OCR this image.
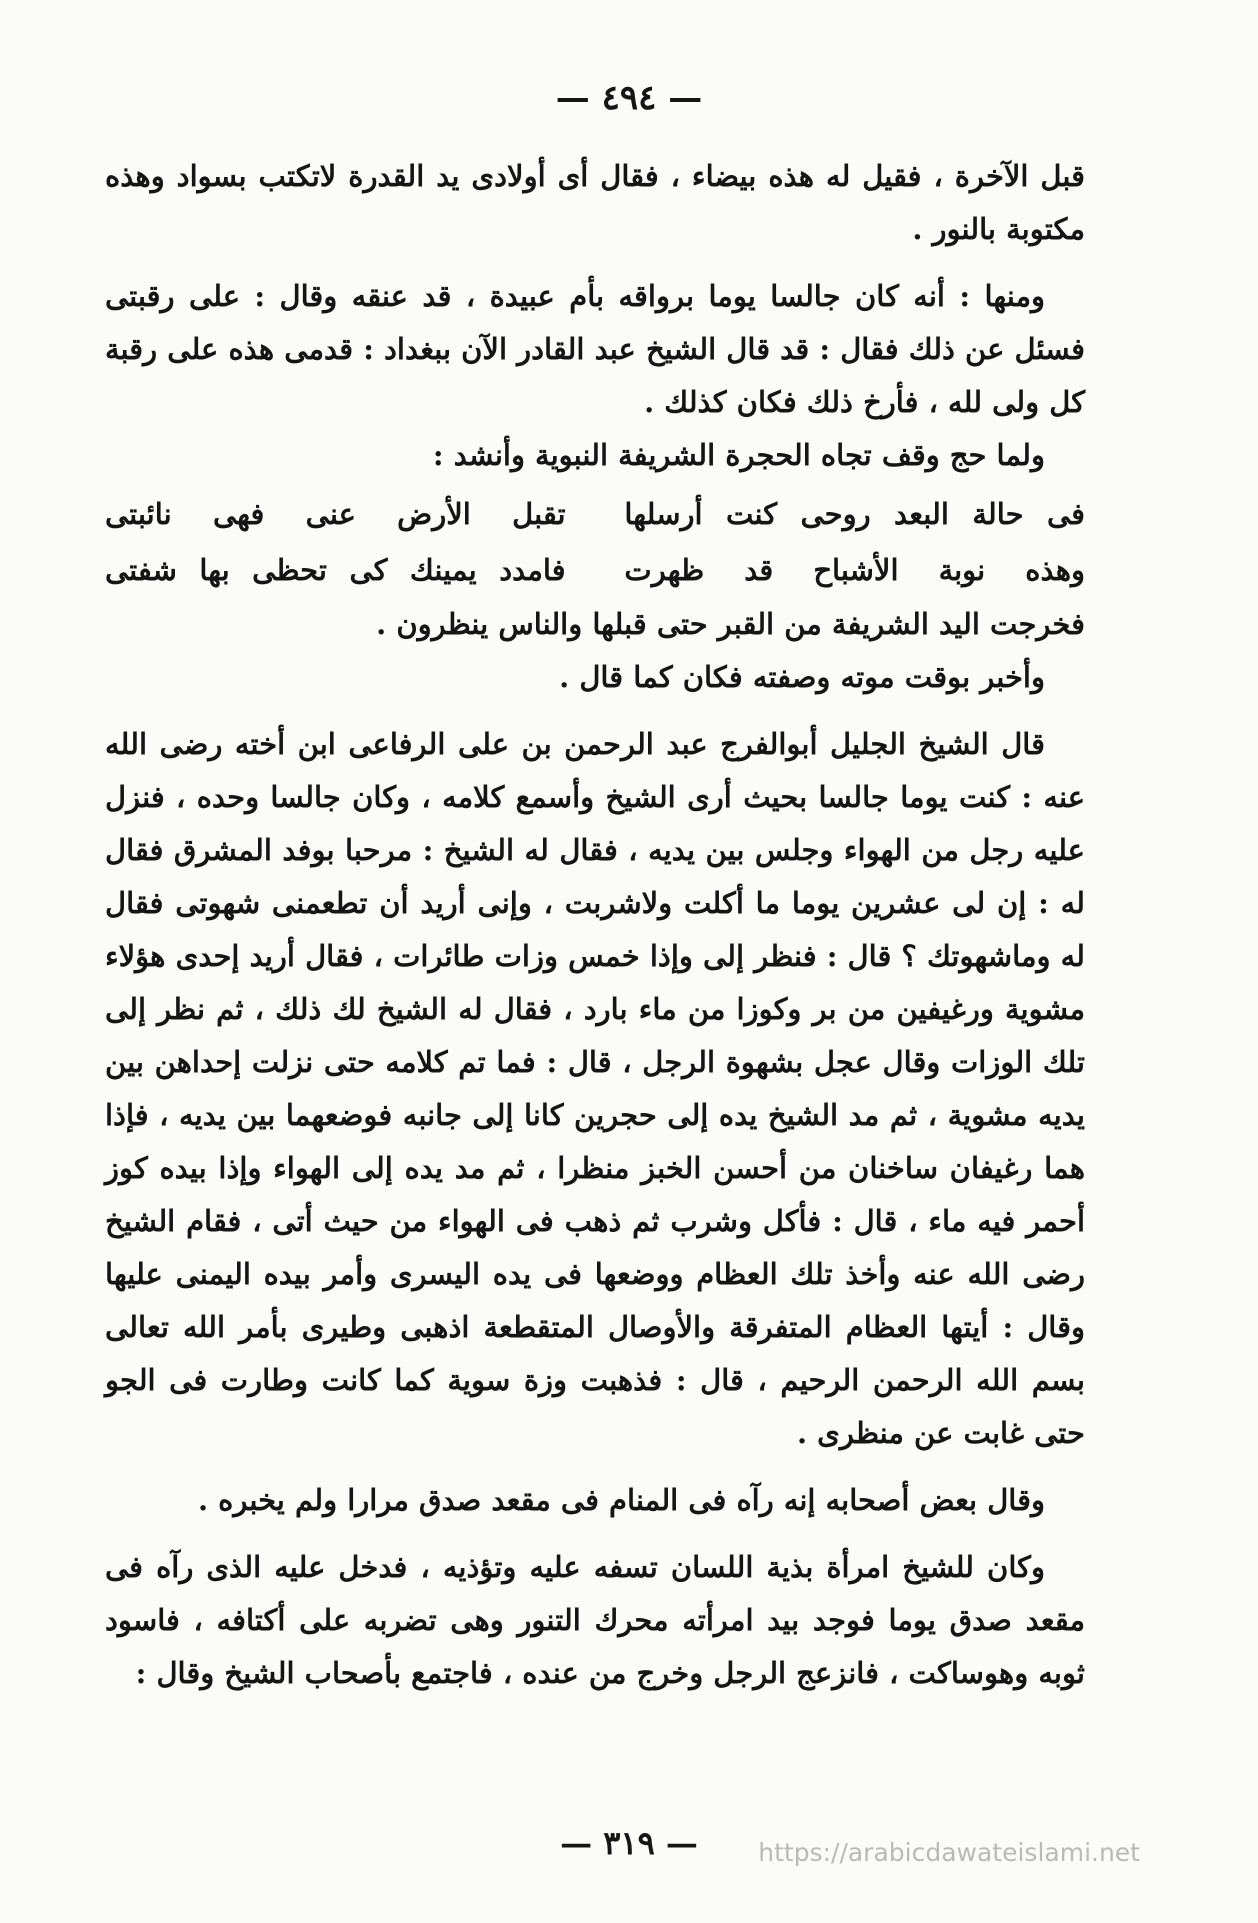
— ٤٩٤ —

قبل الآخرة ، فقيل له هذه بيضاء ، فقال أى أولادى يد القدرة لاتكتب بسواد وهذه مكتوبة بالنور .

ومنها : أنه كان جالسا يوما برواقه بأم عبيدة ، قد عنقه وقال : على رقبتى فسئل عن ذلك فقال : قد قال الشيخ عبد القادر الآن ببغداد : قدمى هذه على رقبة كل ولى لله ، فأرخ ذلك فكان كذلك .

ولما حج وقف تجاه الحجرة الشريفة النبوية وأنشد :

فى حالة البعد روحى كنت أرسلها
تقبل الأرض عنى فهى نائبتى
وهذه نوبة الأشباح قد ظهرت
فامدد يمينك كى تحظى بها شفتى

فخرجت اليد الشريفة من القبر حتى قبلها والناس ينظرون .

وأخبر بوقت موته وصفته فكان كما قال .

قال الشيخ الجليل أبوالفرج عبد الرحمن بن على الرفاعى ابن أخته رضى الله عنه : كنت يوما جالسا بحيث أرى الشيخ وأسمع كلامه ، وكان جالسا وحده ، فنزل عليه رجل من الهواء وجلس بين يديه ، فقال له الشيخ : مرحبا بوفد المشرق فقال له : إن لى عشرين يوما ما أكلت ولاشربت ، وإنى أريد أن تطعمنى شهوتى فقال له وماشهوتك ؟ قال : فنظر إلى وإذا خمس وزات طائرات ، فقال أريد إحدى هؤلاء مشوية ورغيفين من بر وكوزا من ماء بارد ، فقال له الشيخ لك ذلك ، ثم نظر إلى تلك الوزات وقال عجل بشهوة الرجل ، قال : فما تم كلامه حتى نزلت إحداهن بين يديه مشوية ، ثم مد الشيخ يده إلى حجرين كانا إلى جانبه فوضعهما بين يديه ، فإذا هما رغيفان ساخنان من أحسن الخبز منظرا ، ثم مد يده إلى الهواء وإذا بيده كوز أحمر فيه ماء ، قال : فأكل وشرب ثم ذهب فى الهواء من حيث أتى ، فقام الشيخ رضى الله عنه وأخذ تلك العظام ووضعها فى يده اليسرى وأمر بيده اليمنى عليها وقال : أيتها العظام المتفرقة والأوصال المتقطعة اذهبى وطيرى بأمر الله تعالى بسم الله الرحمن الرحيم ، قال : فذهبت وزة سوية كما كانت وطارت فى الجو حتى غابت عن منظرى .

وقال بعض أصحابه إنه رآه فى المنام فى مقعد صدق مرارا ولم يخبره .

وكان للشيخ امرأة بذية اللسان تسفه عليه وتؤذيه ، فدخل عليه الذى رآه فى مقعد صدق يوما فوجد بيد امرأته محرك التنور وهى تضربه على أكتافه ، فاسود ثوبه وهوساكت ، فانزعج الرجل وخرج من عنده ، فاجتمع بأصحاب الشيخ وقال :

— ٣١٩ —	https://arabicdawateislami.net
